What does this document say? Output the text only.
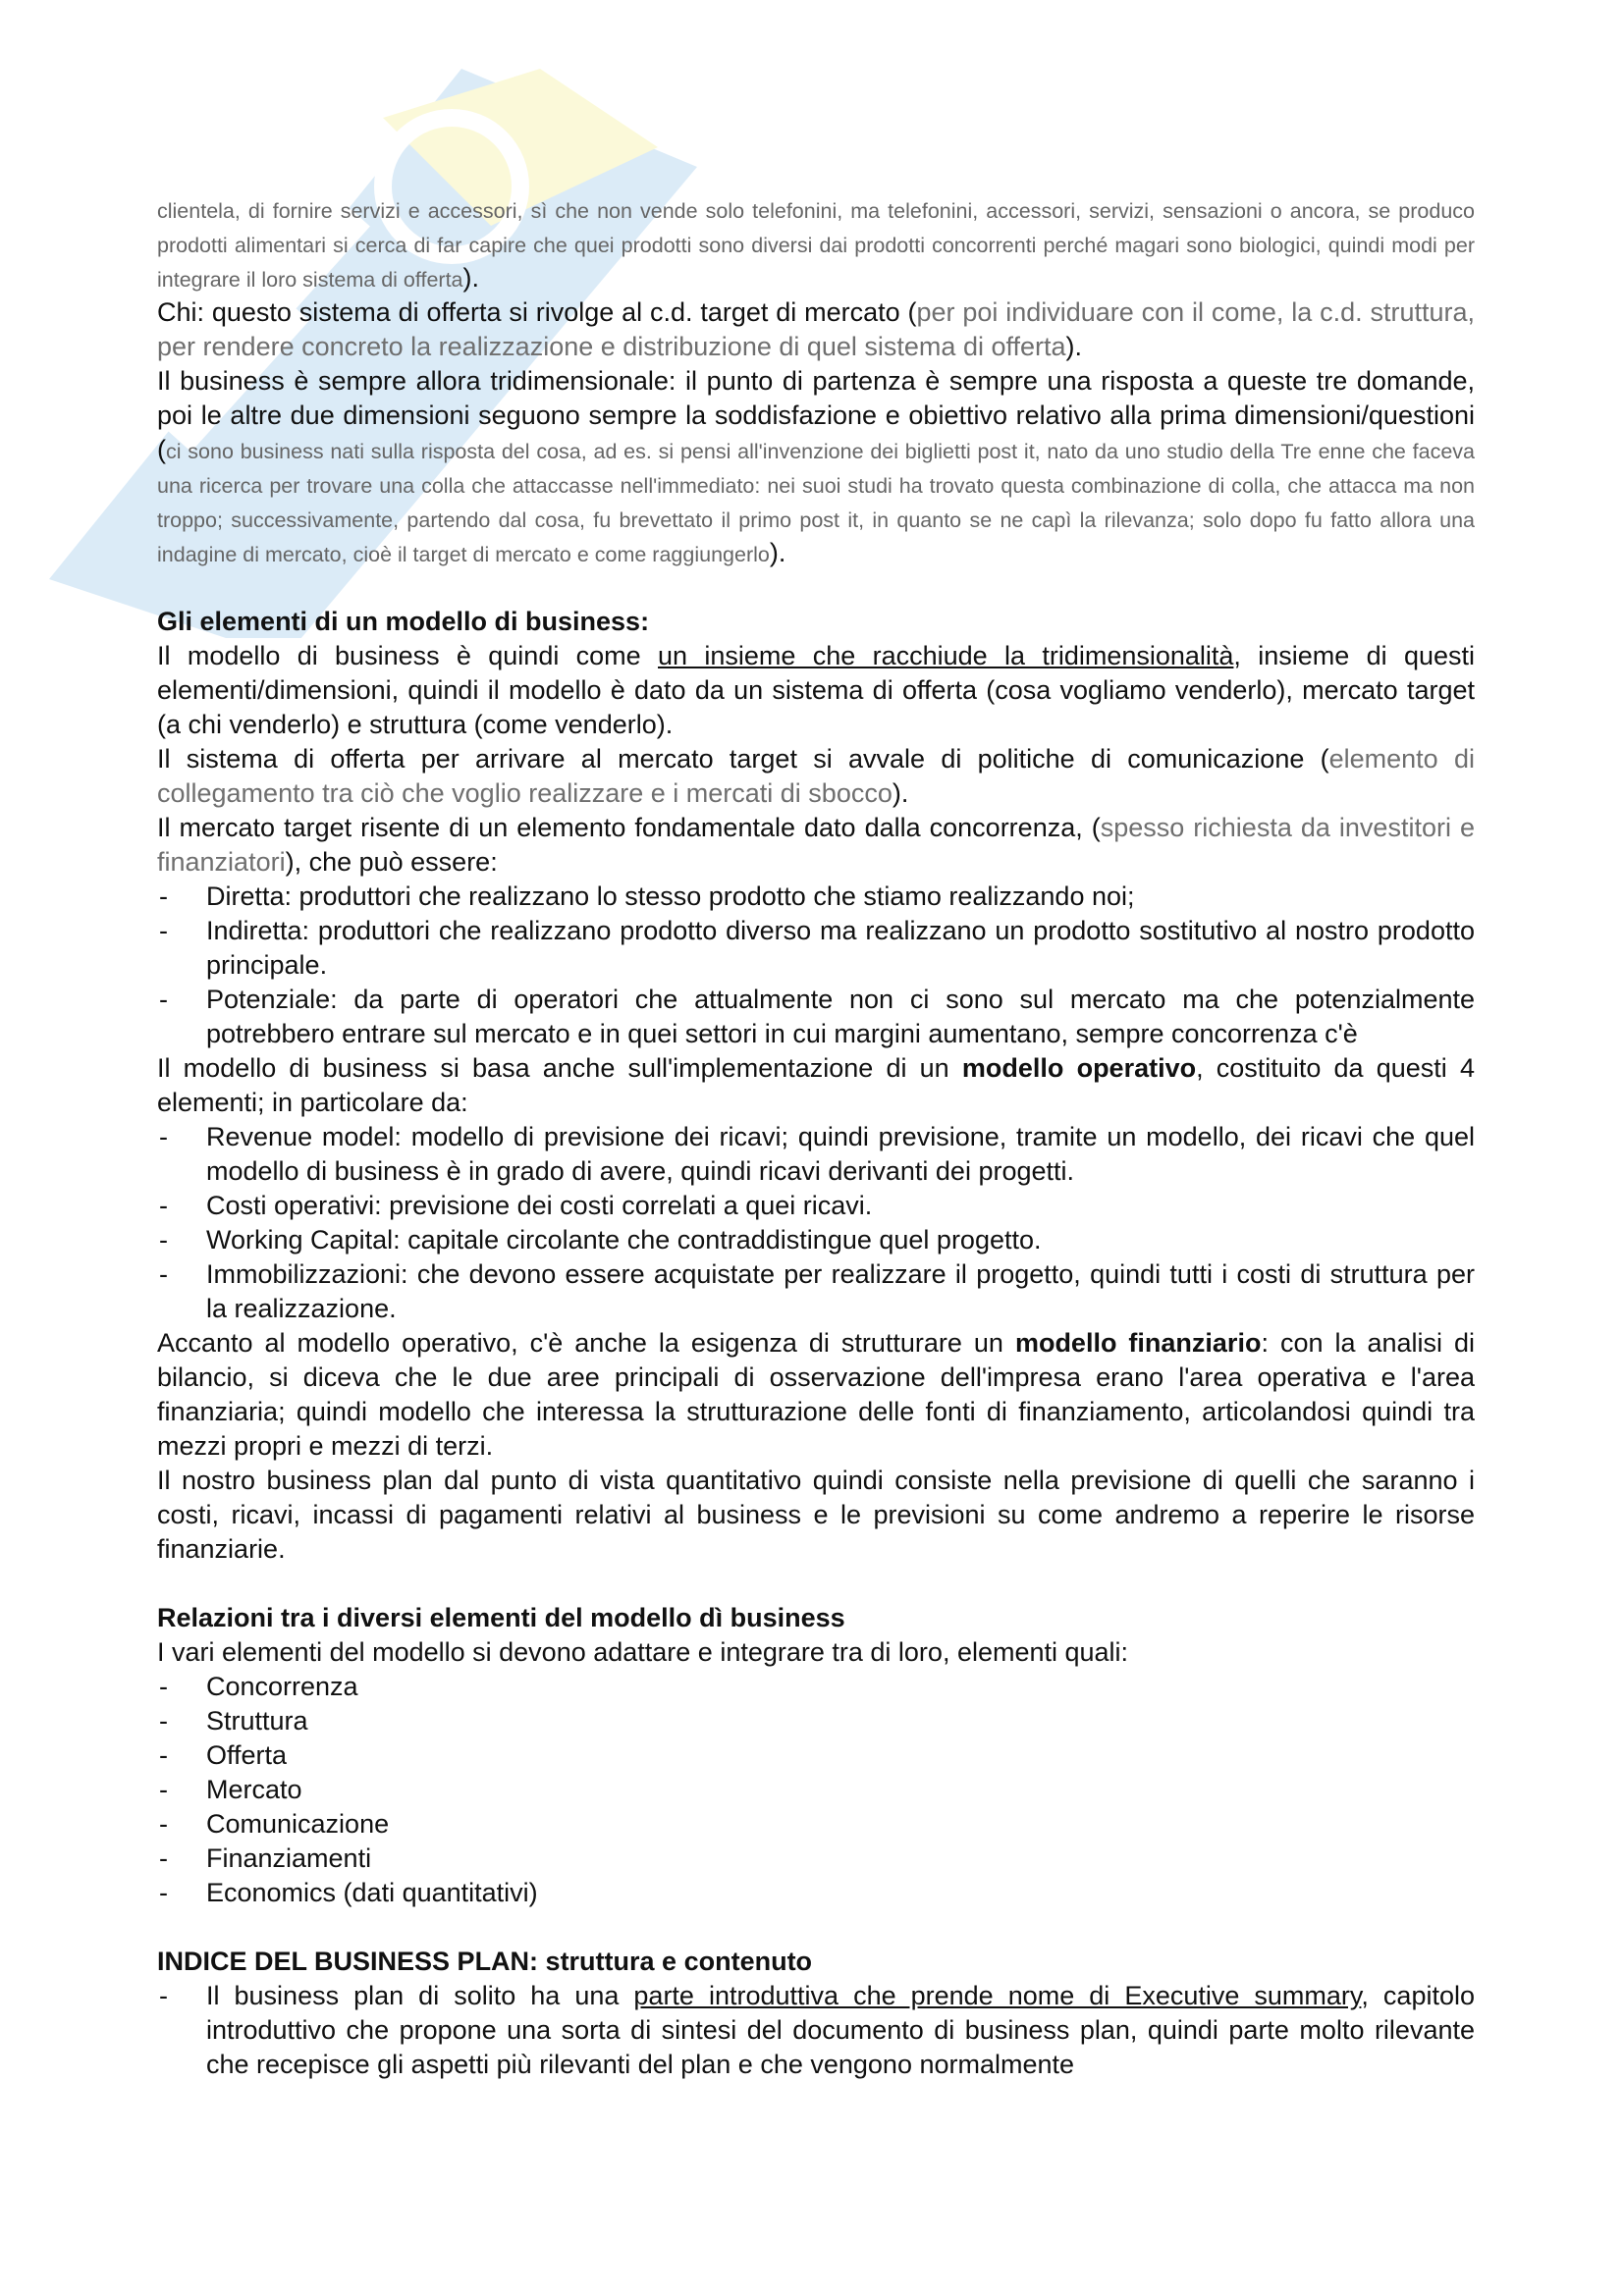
clientela, di fornire servizi e accessori, sì che non vende solo telefonini, ma telefonini, accessori, servizi, sensazioni o ancora, se produco prodotti alimentari si cerca di far capire che quei prodotti sono diversi dai prodotti concorrenti perché magari sono biologici, quindi modi per integrare il loro sistema di offerta).

Chi: questo sistema di offerta si rivolge al c.d. target di mercato (per poi individuare con il come, la c.d. struttura, per rendere concreto la realizzazione e distribuzione di quel sistema di offerta).

Il business è sempre allora tridimensionale: il punto di partenza è sempre una risposta a queste tre domande, poi le altre due dimensioni seguono sempre la soddisfazione e obiettivo relativo alla prima dimensioni/questioni (ci sono business nati sulla risposta del cosa, ad es. si pensi all'invenzione dei biglietti post it, nato da uno studio della Tre enne che faceva una ricerca per trovare una colla che attaccasse nell'immediato: nei suoi studi ha trovato questa combinazione di colla, che attacca ma non troppo; successivamente, partendo dal cosa, fu brevettato il primo post it, in quanto se ne capì la rilevanza; solo dopo fu fatto allora una indagine di mercato, cioè il target di mercato e come raggiungerlo).

Gli elementi di un modello di business:

Il modello di business è quindi come un insieme che racchiude la tridimensionalità, insieme di questi elementi/dimensioni, quindi il modello è dato da un sistema di offerta (cosa vogliamo venderlo), mercato target (a chi venderlo) e struttura (come venderlo).

Il sistema di offerta per arrivare al mercato target si avvale di politiche di comunicazione (elemento di collegamento tra ciò che voglio realizzare e i mercati di sbocco).

Il mercato target risente di un elemento fondamentale dato dalla concorrenza, (spesso richiesta da investitori e finanziatori), che può essere:

- Diretta: produttori che realizzano lo stesso prodotto che stiamo realizzando noi;
- Indiretta: produttori che realizzano prodotto diverso ma realizzano un prodotto sostitutivo al nostro prodotto principale.
- Potenziale: da parte di operatori che attualmente non ci sono sul mercato ma che potenzialmente potrebbero entrare sul mercato e in quei settori in cui margini aumentano, sempre concorrenza c'è

Il modello di business si basa anche sull'implementazione di un modello operativo, costituito da questi 4 elementi; in particolare da:

- Revenue model: modello di previsione dei ricavi; quindi previsione, tramite un modello, dei ricavi che quel modello di business è in grado di avere, quindi ricavi derivanti dei progetti.
- Costi operativi: previsione dei costi correlati a quei ricavi.
- Working Capital: capitale circolante che contraddistingue quel progetto.
- Immobilizzazioni: che devono essere acquistate per realizzare il progetto, quindi tutti i costi di struttura per la realizzazione.

Accanto al modello operativo, c'è anche la esigenza di strutturare un modello finanziario: con la analisi di bilancio, si diceva che le due aree principali di osservazione dell'impresa erano l'area operativa e l'area finanziaria; quindi modello che interessa la strutturazione delle fonti di finanziamento, articolandosi quindi tra mezzi propri e mezzi di terzi.

Il nostro business plan dal punto di vista quantitativo quindi consiste nella previsione di quelli che saranno i costi, ricavi, incassi di pagamenti relativi al business e le previsioni su come andremo a reperire le risorse finanziarie.

Relazioni tra i diversi elementi del modello dì business

I vari elementi del modello si devono adattare e integrare tra di loro, elementi quali:

- Concorrenza
- Struttura
- Offerta
- Mercato
- Comunicazione
- Finanziamenti
- Economics (dati quantitativi)

INDICE DEL BUSINESS PLAN: struttura e contenuto

- Il business plan di solito ha una parte introduttiva che prende nome di Executive summary, capitolo introduttivo che propone una sorta di sintesi del documento di business plan, quindi parte molto rilevante che recepisce gli aspetti più rilevanti del plan e che vengono normalmente
